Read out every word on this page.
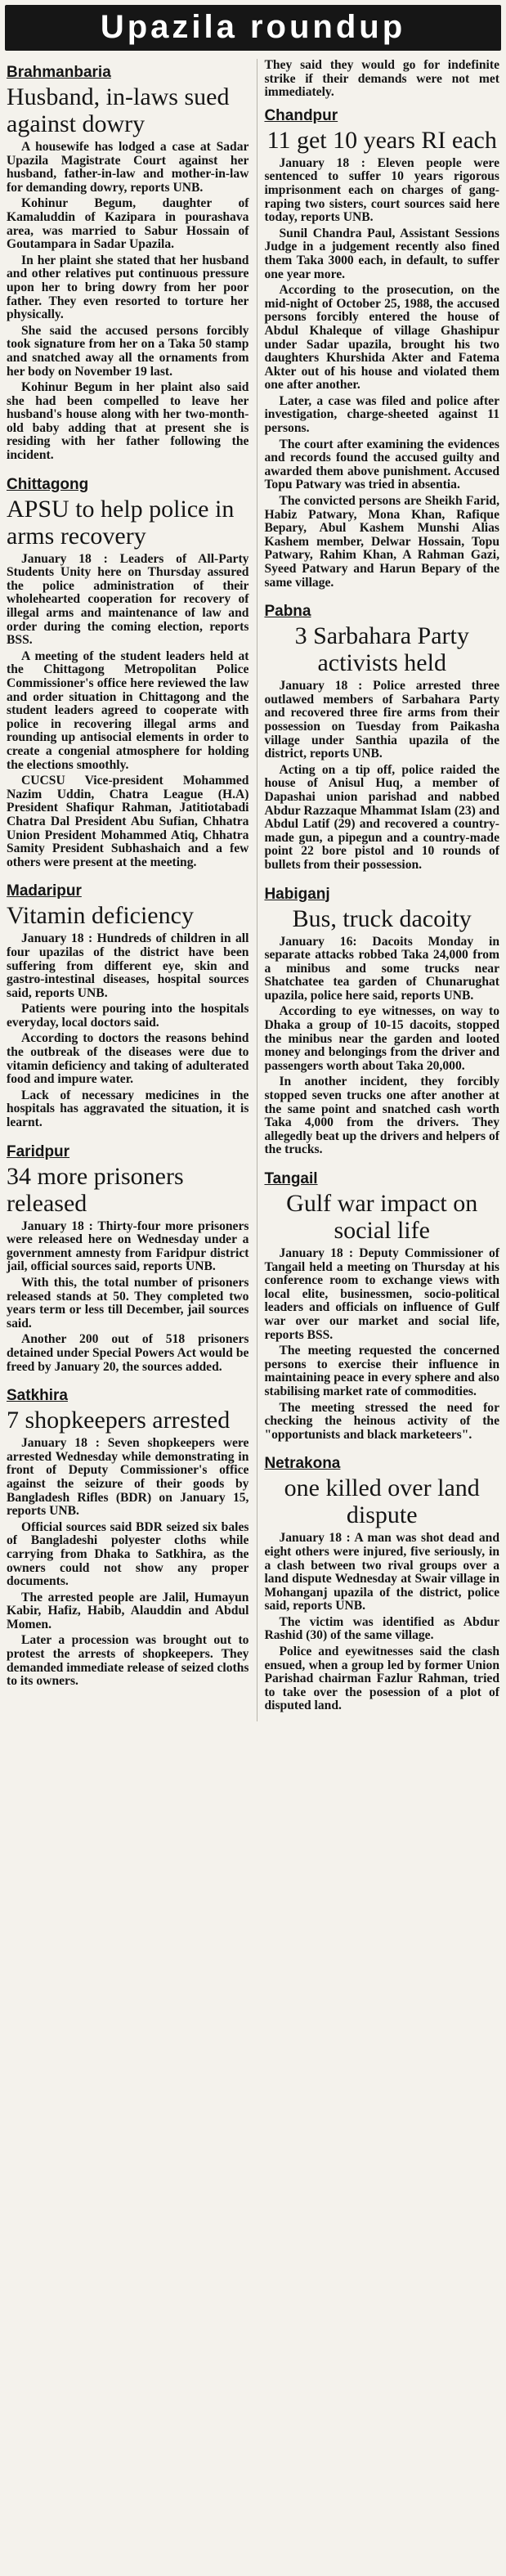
Upazila roundup
Brahmanbaria
Husband, in-laws sued against dowry

A housewife has lodged a case at Sadar Upazila Magistrate Court against her husband, father-in-law and mother-in-law for demanding dowry, reports UNB.

Kohinur Begum, daughter of Kamaluddin of Kazipara in pourashava area, was married to Sabur Hossain of Goutampara in Sadar Upazila.

In her plaint she stated that her husband and other relatives put continuous pressure upon her to bring dowry from her poor father. They even resorted to torture her physically.

She said the accused persons forcibly took signature from her on a Taka 50 stamp and snatched away all the ornaments from her body on November 19 last.

Kohinur Begum in her plaint also said she had been compelled to leave her husband's house along with her two-month-old baby adding that at present she is residing with her father following the incident.

Chittagong
APSU to help police in arms recovery

January 18 : Leaders of All-Party Students Unity here on Thursday assured the police administration of their wholehearted cooperation for recovery of illegal arms and maintenance of law and order during the coming election, reports BSS.

A meeting of the student leaders held at the Chittagong Metropolitan Police Commissioner's office here reviewed the law and order situation in Chittagong and the student leaders agreed to cooperate with police in recovering illegal arms and rounding up antisocial elements in order to create a congenial atmosphere for holding the elections smoothly.

CUCSU Vice-president Mohammed Nazim Uddin, Chatra League (H.A) President Shafiqur Rahman, Jatitiotabadi Chatra Dal President Abu Sufian, Chhatra Union President Mohammed Atiq, Chhatra Samity President Subhashaich and a few others were present at the meeting.

Madaripur
Vitamin deficiency

January 18 : Hundreds of children in all four upazilas of the district have been suffering from different eye, skin and gastro-intestinal diseases, hospital sources said, reports UNB.

Patients were pouring into the hospitals everyday, local doctors said.

According to doctors the reasons behind the outbreak of the diseases were due to vitamin deficiency and taking of adulterated food and impure water.

Lack of necessary medicines in the hospitals has aggravated the situation, it is learnt.

Faridpur
34 more prisoners released

January 18 : Thirty-four more prisoners were released here on Wednesday under a government amnesty from Faridpur district jail, official sources said, reports UNB.

With this, the total number of prisoners released stands at 50. They completed two years term or less till December, jail sources said.

Another 200 out of 518 prisoners detained under Special Powers Act would be freed by January 20, the sources added.

Satkhira
7 shopkeepers arrested

January 18 : Seven shopkeepers were arrested Wednesday while demonstrating in front of Deputy Commissioner's office against the seizure of their goods by Bangladesh Rifles (BDR) on January 15, reports UNB.

Official sources said BDR seized six bales of Bangladeshi polyester cloths while carrying from Dhaka to Satkhira, as the owners could not show any proper documents.

The arrested people are Jalil, Humayun Kabir, Hafiz, Habib, Alauddin and Abdul Momen.

Later a procession was brought out to protest the arrests of shopkeepers. They demanded immediate release of seized cloths to its owners.

They said they would go for indefinite strike if their demands were not met immediately.

Chandpur
11 get 10 years RI each

January 18 : Eleven people were sentenced to suffer 10 years rigorous imprisonment each on charges of gang-raping two sisters, court sources said here today, reports UNB.

Sunil Chandra Paul, Assistant Sessions Judge in a judgement recently also fined them Taka 3000 each, in default, to suffer one year more.

According to the prosecution, on the mid-night of October 25, 1988, the accused persons forcibly entered the house of Abdul Khaleque of village Ghashipur under Sadar upazila, brought his two daughters Khurshida Akter and Fatema Akter out of his house and violated them one after another.

Later, a case was filed and police after investigation, charge-sheeted against 11 persons.

The court after examining the evidences and records found the accused guilty and awarded them above punishment. Accused Topu Patwary was tried in absentia.

The convicted persons are Sheikh Farid, Habiz Patwary, Mona Khan, Rafique Bepary, Abul Kashem Munshi Alias Kashem member, Delwar Hossain, Topu Patwary, Rahim Khan, A Rahman Gazi, Syeed Patwary and Harun Bepary of the same village.

Pabna
3 Sarbahara Party activists held

January 18 : Police arrested three outlawed members of Sarbahara Party and recovered three fire arms from their possession on Tuesday from Paikasha village under Santhia upazila of the district, reports UNB.

Acting on a tip off, police raided the house of Anisul Huq, a member of Dapashai union parishad and nabbed Abdur Razzaque Mhammat Islam (23) and Abdul Latif (29) and recovered a country-made gun, a pipegun and a country-made point 22 bore pistol and 10 rounds of bullets from their possession.

Habiganj
Bus, truck dacoity

January 16: Dacoits Monday in separate attacks robbed Taka 24,000 from a minibus and some trucks near Shatchatee tea garden of Chunarughat upazila, police here said, reports UNB.

According to eye witnesses, on way to Dhaka a group of 10-15 dacoits, stopped the minibus near the garden and looted money and belongings from the driver and passengers worth about Taka 20,000.

In another incident, they forcibly stopped seven trucks one after another at the same point and snatched cash worth Taka 4,000 from the drivers. They allegedly beat up the drivers and helpers of the trucks.

Tangail
Gulf war impact on social life

January 18 : Deputy Commissioner of Tangail held a meeting on Thursday at his conference room to exchange views with local elite, businessmen, socio-political leaders and officials on influence of Gulf war over our market and social life, reports BSS.

The meeting requested the concerned persons to exercise their influence in maintaining peace in every sphere and also stabilising market rate of commodities.

The meeting stressed the need for checking the heinous activity of the "opportunists and black marketeers".

Netrakona
one killed over land dispute

January 18 : A man was shot dead and eight others were injured, five seriously, in a clash between two rival groups over a land dispute Wednesday at Swair village in Mohanganj upazila of the district, police said, reports UNB.

The victim was identified as Abdur Rashid (30) of the same village.

Police and eyewitnesses said the clash ensued, when a group led by former Union Parishad chairman Fazlur Rahman, tried to take over the posession of a plot of disputed land.
